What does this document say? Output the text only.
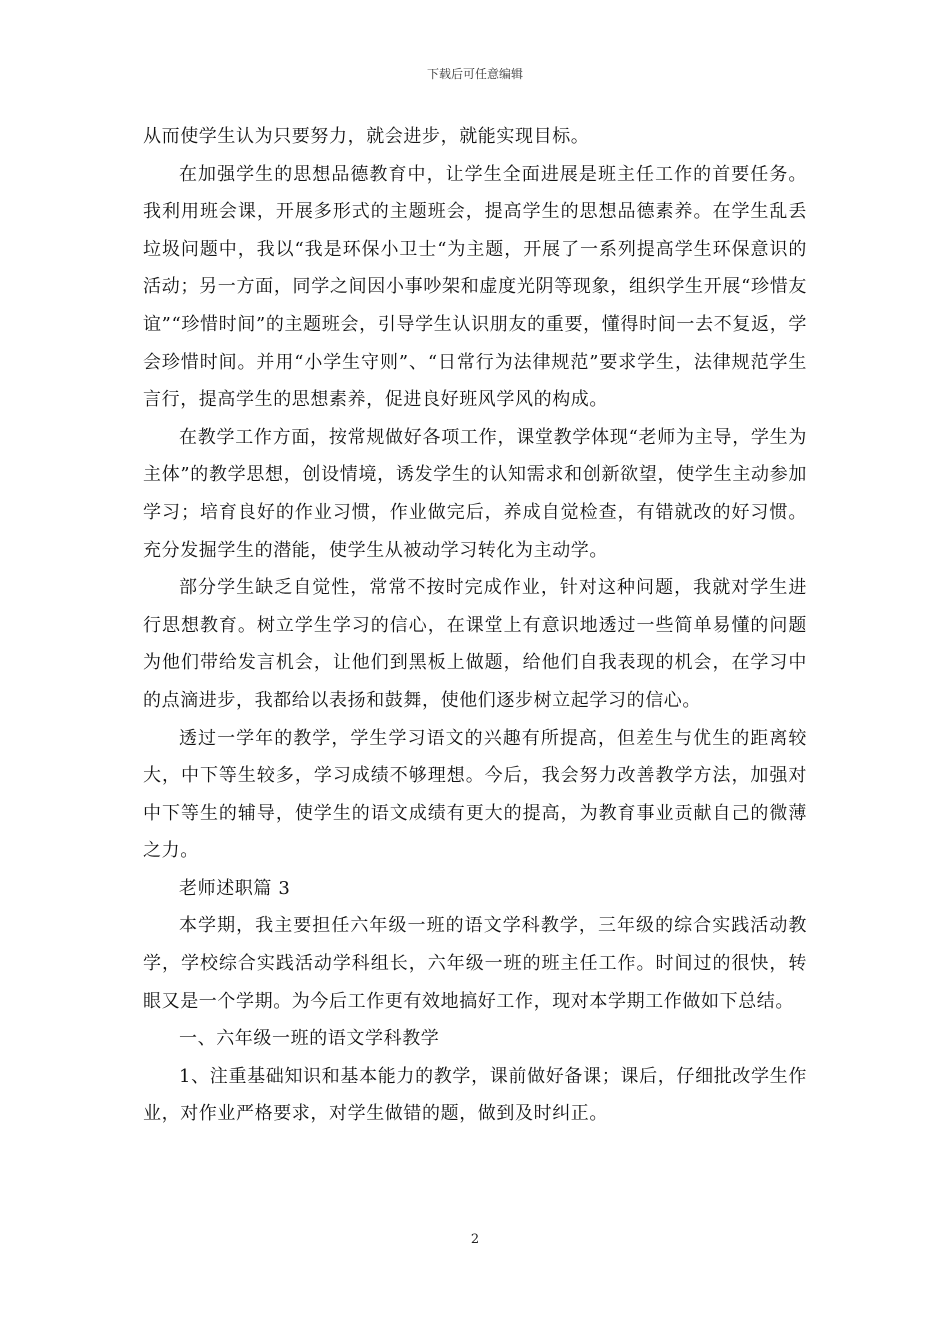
下载后可任意编辑

从而使学生认为只要努力，就会进步，就能实现目标。

在加强学生的思想品德教育中，让学生全面进展是班主任工作的首要任务。我利用班会课，开展多形式的主题班会，提高学生的思想品德素养。在学生乱丢垃圾问题中，我以“我是环保小卫士“为主题，开展了一系列提高学生环保意识的活动；另一方面，同学之间因小事吵架和虚度光阴等现象，组织学生开展“珍惜友谊”“珍惜时间”的主题班会，引导学生认识朋友的重要，懂得时间一去不复返，学会珍惜时间。并用“小学生守则”、“日常行为法律规范”要求学生，法律规范学生言行，提高学生的思想素养，促进良好班风学风的构成。

在教学工作方面，按常规做好各项工作，课堂教学体现“老师为主导，学生为主体”的教学思想，创设情境，诱发学生的认知需求和创新欲望，使学生主动参加学习；培育良好的作业习惯，作业做完后，养成自觉检查，有错就改的好习惯。充分发掘学生的潜能，使学生从被动学习转化为主动学。

部分学生缺乏自觉性，常常不按时完成作业，针对这种问题，我就对学生进行思想教育。树立学生学习的信心，在课堂上有意识地透过一些简单易懂的问题为他们带给发言机会，让他们到黑板上做题，给他们自我表现的机会，在学习中的点滴进步，我都给以表扬和鼓舞，使他们逐步树立起学习的信心。

透过一学年的教学，学生学习语文的兴趣有所提高，但差生与优生的距离较大，中下等生较多，学习成绩不够理想。今后，我会努力改善教学方法，加强对中下等生的辅导，使学生的语文成绩有更大的提高，为教育事业贡献自己的微薄之力。

老师述职篇 3

本学期，我主要担任六年级一班的语文学科教学，三年级的综合实践活动教学，学校综合实践活动学科组长，六年级一班的班主任工作。时间过的很快，转眼又是一个学期。为今后工作更有效地搞好工作，现对本学期工作做如下总结。

一、六年级一班的语文学科教学

1、注重基础知识和基本能力的教学，课前做好备课；课后，仔细批改学生作业，对作业严格要求，对学生做错的题，做到及时纠正。

2
